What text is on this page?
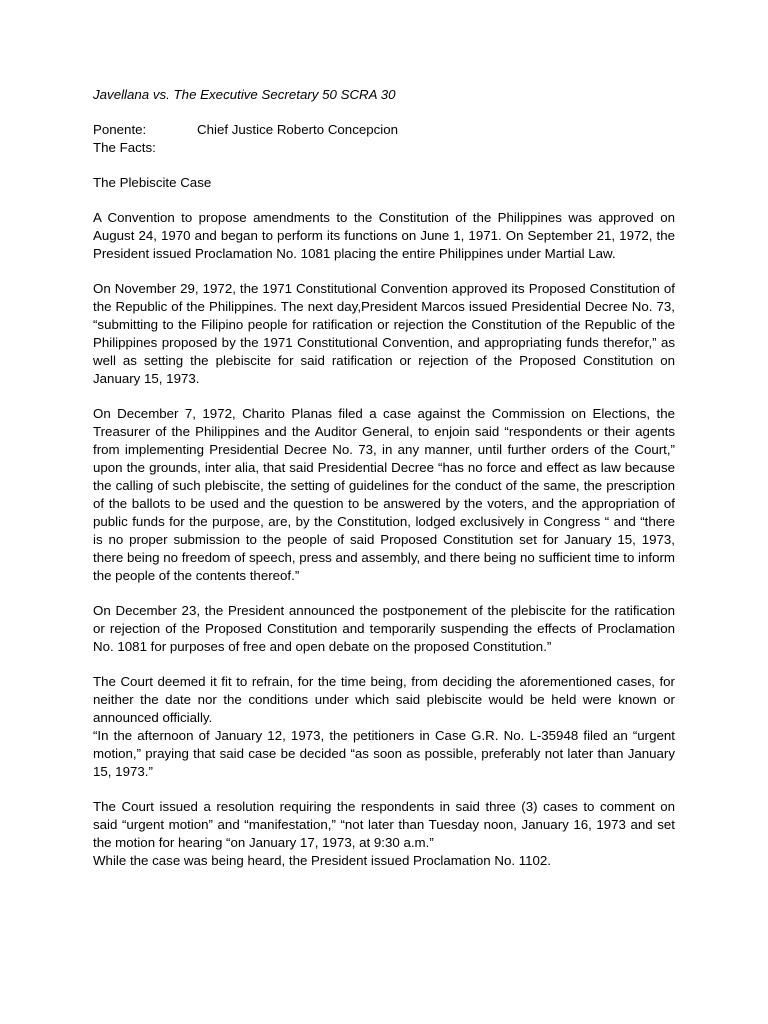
Javellana vs. The Executive Secretary 50 SCRA 30
Ponente:	Chief Justice Roberto Concepcion
The Facts:
The Plebiscite Case

A Convention to propose amendments to the Constitution of the Philippines was approved on August 24, 1970 and began to perform its functions on June 1, 1971. On September 21, 1972, the President issued Proclamation No. 1081 placing the entire Philippines under Martial Law.

On November 29, 1972, the 1971 Constitutional Convention approved its Proposed Constitution of the Republic of the Philippines. The next day,President Marcos issued Presidential Decree No. 73, “submitting to the Filipino people for ratification or rejection the Constitution of the Republic of the Philippines proposed by the 1971 Constitutional Convention, and appropriating funds therefor,” as well as setting the plebiscite for said ratification or rejection of the Proposed Constitution on January 15, 1973.

On December 7, 1972, Charito Planas filed a case against the Commission on Elections, the Treasurer of the Philippines and the Auditor General, to enjoin said “respondents or their agents from implementing Presidential Decree No. 73, in any manner, until further orders of the Court,” upon the grounds, inter alia, that said Presidential Decree “has no force and effect as law because the calling of such plebiscite, the setting of guidelines for the conduct of the same, the prescription of the ballots to be used and the question to be answered by the voters, and the appropriation of public funds for the purpose, are, by the Constitution, lodged exclusively in Congress “ and “there is no proper submission to the people of said Proposed Constitution set for January 15, 1973, there being no freedom of speech, press and assembly, and there being no sufficient time to inform the people of the contents thereof.”

On December 23, the President announced the postponement of the plebiscite for the ratification or rejection of the Proposed Constitution and temporarily suspending the effects of Proclamation No. 1081 for purposes of free and open debate on the proposed Constitution.”

The Court deemed it fit to refrain, for the time being, from deciding the aforementioned cases, for neither the date nor the conditions under which said plebiscite would be held were known or announced officially.

“In the afternoon of January 12, 1973, the petitioners in Case G.R. No. L-35948 filed an “urgent motion,” praying that said case be decided “as soon as possible, preferably not later than January 15, 1973.”

The Court issued a resolution requiring the respondents in said three (3) cases to comment on said “urgent motion” and “manifestation,” “not later than Tuesday noon, January 16, 1973 and set the motion for hearing “on January 17, 1973, at 9:30 a.m.”

While the case was being heard, the President issued Proclamation No. 1102.
